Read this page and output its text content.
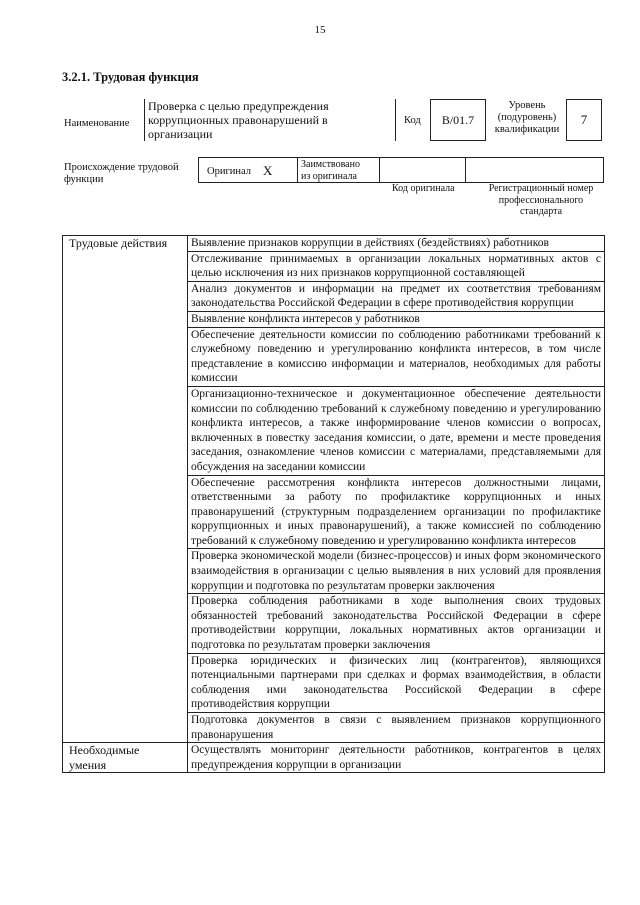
15
3.2.1. Трудовая функция
Наименование
Проверка с целью предупреждения коррупционных правонарушений в организации
Код	B/01.7
Уровень
(подуровень)
квалификации
7
Происхождение трудовой
функции
Оригинал X	Заимствовано
из оригинала
Код оригинала	Регистрационный номер
профессионального
стандарта
Трудовые действия	Выявление признаков коррупции в действиях (бездействиях) работников
	Отслеживание принимаемых в организации локальных нормативных актов с целью исключения из них признаков коррупционной составляющей
	Анализ документов и информации на предмет их соответствия требованиям законодательства Российской Федерации в сфере противодействия коррупции
	Выявление конфликта интересов у работников
	Обеспечение деятельности комиссии по соблюдению работниками требований к служебному поведению и урегулированию конфликта интересов, в том числе представление в комиссию информации и материалов, необходимых для работы комиссии
	Организационно-техническое и документационное обеспечение деятельности комиссии по соблюдению требований к служебному поведению и урегулированию конфликта интересов, а также информирование членов комиссии о вопросах, включенных в повестку заседания комиссии, о дате, времени и месте проведения заседания, ознакомление членов комиссии с материалами, представляемыми для обсуждения на заседании комиссии
	Обеспечение рассмотрения конфликта интересов должностными лицами, ответственными за работу по профилактике коррупционных и иных правонарушений (структурным подразделением организации по профилактике коррупционных и иных правонарушений), а также комиссией по соблюдению требований к служебному поведению и урегулированию конфликта интересов
	Проверка экономической модели (бизнес-процессов) и иных форм экономического взаимодействия в организации с целью выявления в них условий для проявления коррупции и подготовка по результатам проверки заключения
	Проверка соблюдения работниками в ходе выполнения своих трудовых обязанностей требований законодательства Российской Федерации в сфере противодействии коррупции, локальных нормативных актов организации и подготовка по результатам проверки заключения
	Проверка юридических и физических лиц (контрагентов), являющихся потенциальными партнерами при сделках и формах взаимодействия, в области соблюдения ими законодательства Российской Федерации в сфере противодействия коррупции
	Подготовка документов в связи с выявлением признаков коррупционного правонарушения

Необходимые
умения	Осуществлять мониторинг деятельности работников, контрагентов в целях предупреждения коррупции в организации
